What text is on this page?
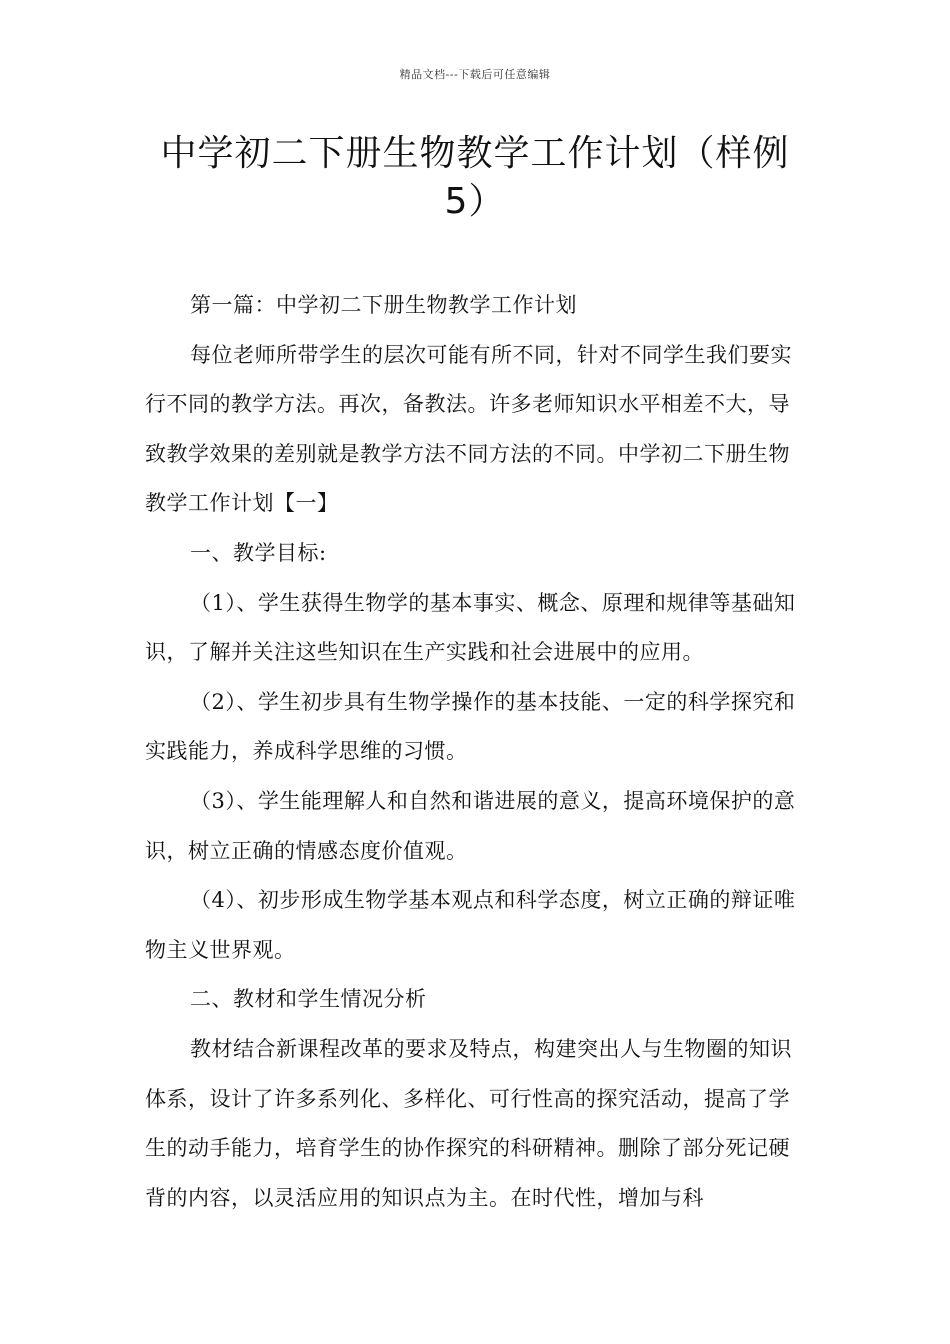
精品文档---下载后可任意编辑
中学初二下册生物教学工作计划（样例
5）

第一篇：中学初二下册生物教学工作计划

每位老师所带学生的层次可能有所不同，针对不同学生我们要实行不同的教学方法。再次，备教法。许多老师知识水平相差不大，导致教学效果的差别就是教学方法不同方法的不同。中学初二下册生物教学工作计划【一】

一、教学目标:

（1）、学生获得生物学的基本事实、概念、原理和规律等基础知识，了解并关注这些知识在生产实践和社会进展中的应用。

（2）、学生初步具有生物学操作的基本技能、一定的科学探究和实践能力，养成科学思维的习惯。

（3）、学生能理解人和自然和谐进展的意义，提高环境保护的意识，树立正确的情感态度价值观。

（4）、初步形成生物学基本观点和科学态度，树立正确的辩证唯物主义世界观。

二、教材和学生情况分析

教材结合新课程改革的要求及特点，构建突出人与生物圈的知识体系，设计了许多系列化、多样化、可行性高的探究活动，提高了学生的动手能力，培育学生的协作探究的科研精神。删除了部分死记硬背的内容，以灵活应用的知识点为主。在时代性，增加与科
